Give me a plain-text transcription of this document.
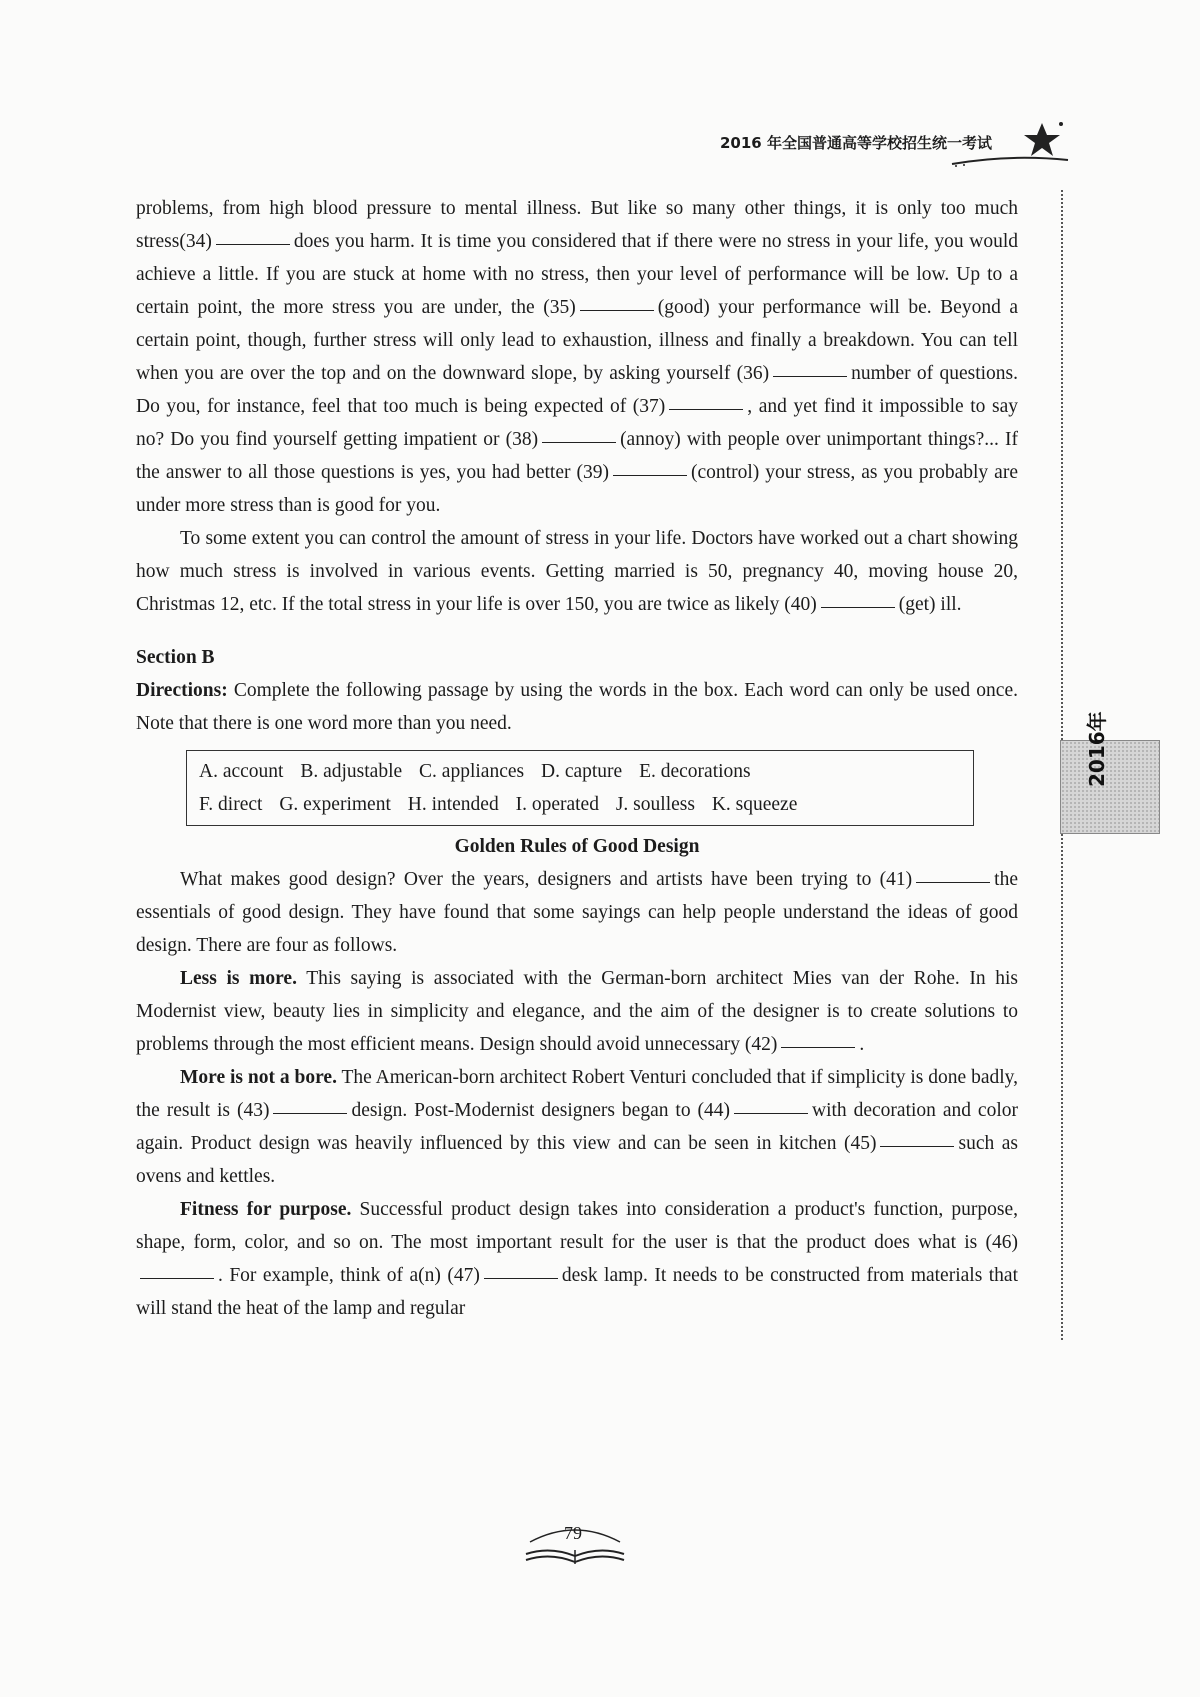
2016 年全国普通高等学校招生统一考试
2016年

problems, from high blood pressure to mental illness. But like so many other things, it is only too much stress(34)	does you harm. It is time you considered that if there were no stress in your life, you would achieve a little. If you are stuck at home with no stress, then your level of performance will be low. Up to a certain point, the more stress you are under, the (35)	(good) your performance will be. Beyond a certain point, though, further stress will only lead to exhaustion, illness and finally a breakdown. You can tell when you are over the top and on the downward slope, by asking yourself (36)	number of questions. Do you, for instance, feel that too much is being expected of (37)	, and yet find it impossible to say no? Do you find yourself getting impatient or (38)	(annoy) with people over unimportant things?... If the answer to all those questions is yes, you had better (39)	(control) your stress, as you probably are under more stress than is good for you.

To some extent you can control the amount of stress in your life. Doctors have worked out a chart showing how much stress is involved in various events. Getting married is 50, pregnancy 40, moving house 20, Christmas 12, etc. If the total stress in your life is over 150, you are twice as likely (40)	(get) ill.

Section B

Directions: Complete the following passage by using the words in the box. Each word can only be used once. Note that there is one word more than you need.

A. account B. adjustable C. appliances D. capture E. decorations
F. direct G. experiment H. intended I. operated J. soulless K. squeeze
Golden Rules of Good Design

What makes good design? Over the years, designers and artists have been trying to (41)	the essentials of good design. They have found that some sayings can help people understand the ideas of good design. There are four as follows.

Less is more. This saying is associated with the German-born architect Mies van der Rohe. In his Modernist view, beauty lies in simplicity and elegance, and the aim of the designer is to create solutions to problems through the most efficient means. Design should avoid unnecessary (42)	.

More is not a bore. The American-born architect Robert Venturi concluded that if simplicity is done badly, the result is (43)	design. Post-Modernist designers began to (44)	with decoration and color again. Product design was heavily influenced by this view and can be seen in kitchen (45)	such as ovens and kettles.

Fitness for purpose. Successful product design takes into consideration a product's function, purpose, shape, form, color, and so on. The most important result for the user is that the product does what is (46). For example, think of a(n) (47)	desk lamp. It needs to be constructed from materials that will stand the heat of the lamp and regular

79
